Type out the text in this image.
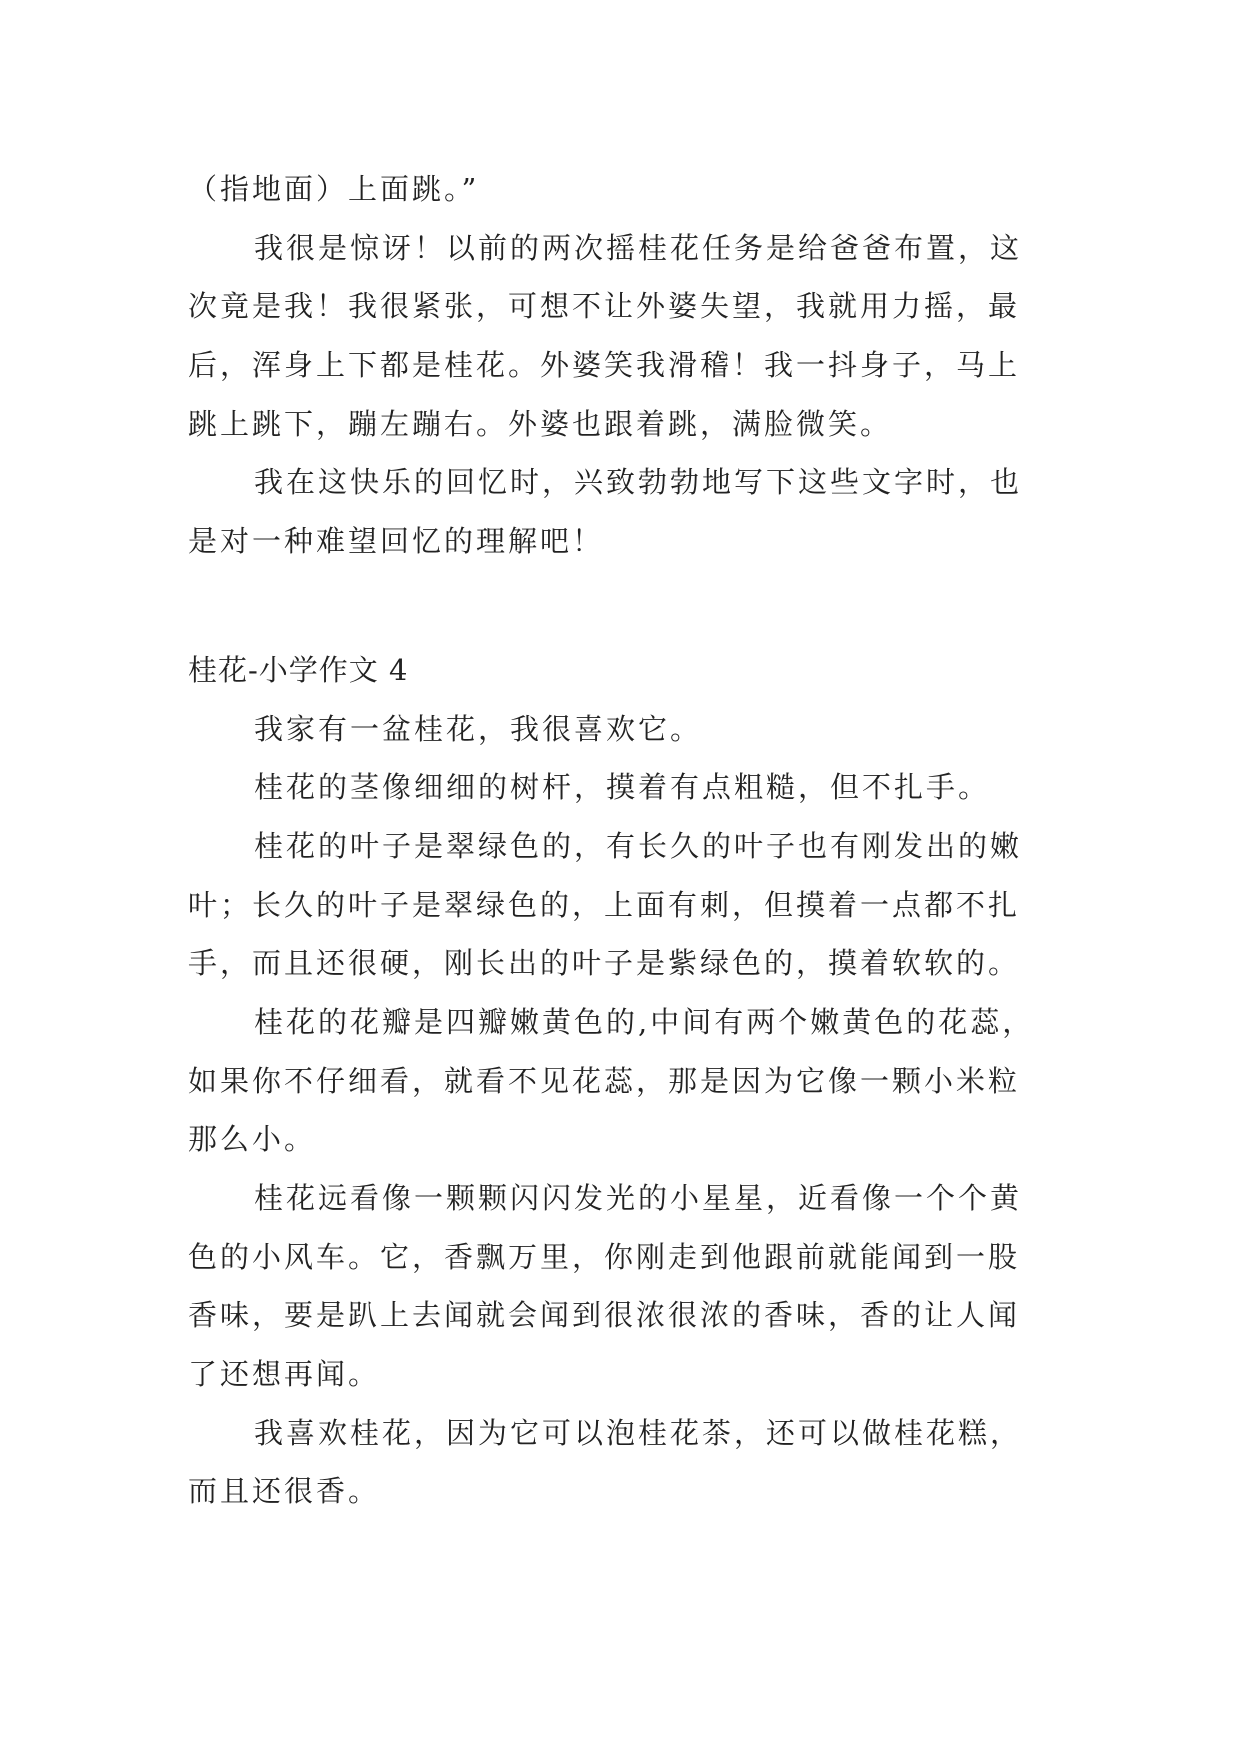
（指地面）上面跳。”

我很是惊讶！以前的两次摇桂花任务是给爸爸布置，这

次竟是我！我很紧张，可想不让外婆失望，我就用力摇，最

后，浑身上下都是桂花。外婆笑我滑稽！我一抖身子，马上

跳上跳下，蹦左蹦右。外婆也跟着跳，满脸微笑。

我在这快乐的回忆时，兴致勃勃地写下这些文字时，也

是对一种难望回忆的理解吧！

桂花-小学作文 4

我家有一盆桂花，我很喜欢它。

桂花的茎像细细的树杆，摸着有点粗糙，但不扎手。

桂花的叶子是翠绿色的，有长久的叶子也有刚发出的嫩

叶；长久的叶子是翠绿色的，上面有刺，但摸着一点都不扎

手，而且还很硬，刚长出的叶子是紫绿色的，摸着软软的。

桂花的花瓣是四瓣嫩黄色的,中间有两个嫩黄色的花蕊，

如果你不仔细看，就看不见花蕊，那是因为它像一颗小米粒

那么小。

桂花远看像一颗颗闪闪发光的小星星，近看像一个个黄

色的小风车。它，香飘万里，你刚走到他跟前就能闻到一股

香味，要是趴上去闻就会闻到很浓很浓的香味，香的让人闻

了还想再闻。

我喜欢桂花，因为它可以泡桂花茶，还可以做桂花糕，

而且还很香。
